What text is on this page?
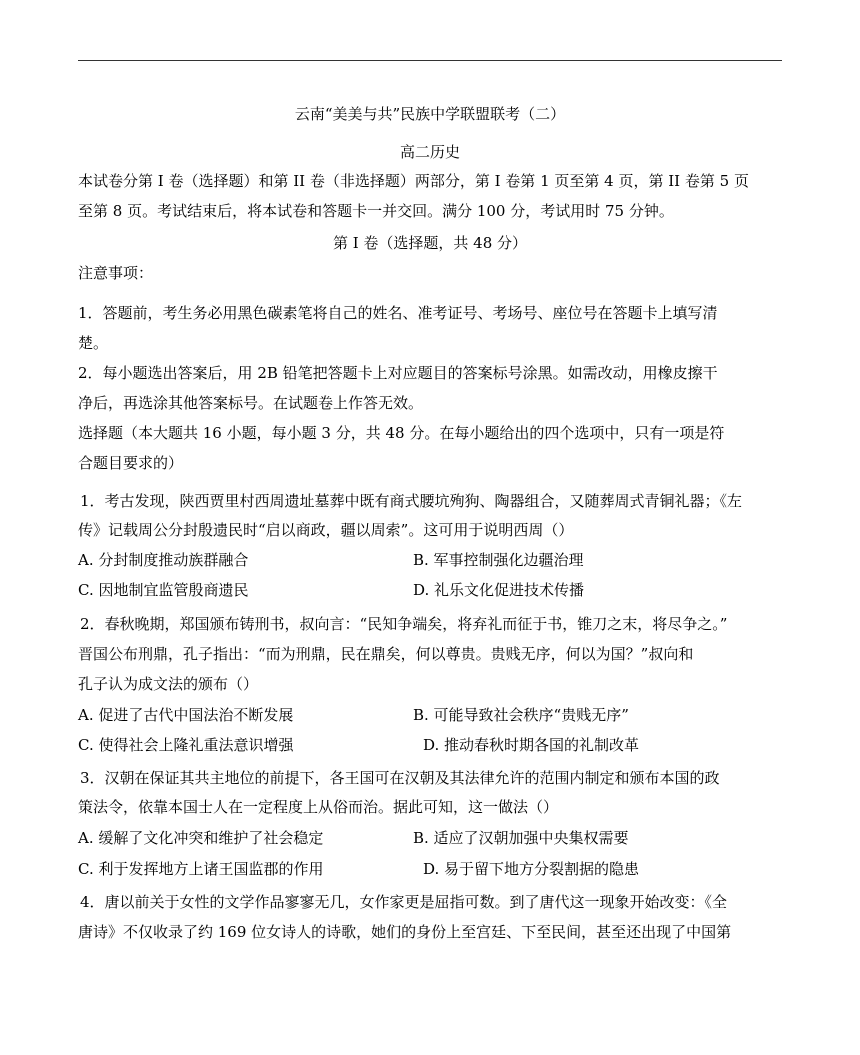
云南“美美与共”民族中学联盟联考（二）
高二历史
本试卷分第 I 卷（选择题）和第 II 卷（非选择题）两部分，第 I 卷第 1 页至第 4 页，第 II 卷第 5 页
至第 8 页。考试结束后，将本试卷和答题卡一并交回。满分 100 分，考试用时 75 分钟。
第 I 卷（选择题，共 48 分）
注意事项：
1．答题前，考生务必用黑色碳素笔将自己的姓名、准考证号、考场号、座位号在答题卡上填写清
楚。
2．每小题选出答案后，用 2B 铅笔把答题卡上对应题目的答案标号涂黑。如需改动，用橡皮擦干
净后，再选涂其他答案标号。在试题卷上作答无效。
选择题（本大题共 16 小题，每小题 3 分，共 48 分。在每小题给出的四个选项中，只有一项是符
合题目要求的）
1．考古发现，陕西贾里村西周遗址墓葬中既有商式腰坑殉狗、陶器组合，又随葬周式青铜礼器；《左
传》记载周公分封殷遗民时“启以商政，疆以周索”。这可用于说明西周（）
A. 分封制度推动族群融合	B. 军事控制强化边疆治理
C. 因地制宜监管殷商遗民	D. 礼乐文化促进技术传播
2．春秋晚期，郑国颁布铸刑书，叔向言：“民知争端矣，将弃礼而征于书，锥刀之末，将尽争之。”
晋国公布刑鼎，孔子指出：“而为刑鼎，民在鼎矣，何以尊贵。贵贱无序，何以为国？”叔向和
孔子认为成文法的颁布（）
A. 促进了古代中国法治不断发展	B. 可能导致社会秩序“贵贱无序”
C. 使得社会上隆礼重法意识增强	D. 推动春秋时期各国的礼制改革
3．汉朝在保证其共主地位的前提下，各王国可在汉朝及其法律允许的范围内制定和颁布本国的政
策法令，依靠本国士人在一定程度上从俗而治。据此可知，这一做法（）
A. 缓解了文化冲突和维护了社会稳定	B. 适应了汉朝加强中央集权需要
C. 利于发挥地方上诸王国监郡的作用	D. 易于留下地方分裂割据的隐患
4．唐以前关于女性的文学作品寥寥无几，女作家更是屈指可数。到了唐代这一现象开始改变：《全
唐诗》不仅收录了约 169 位女诗人的诗歌，她们的身份上至宫廷、下至民间，甚至还出现了中国第
